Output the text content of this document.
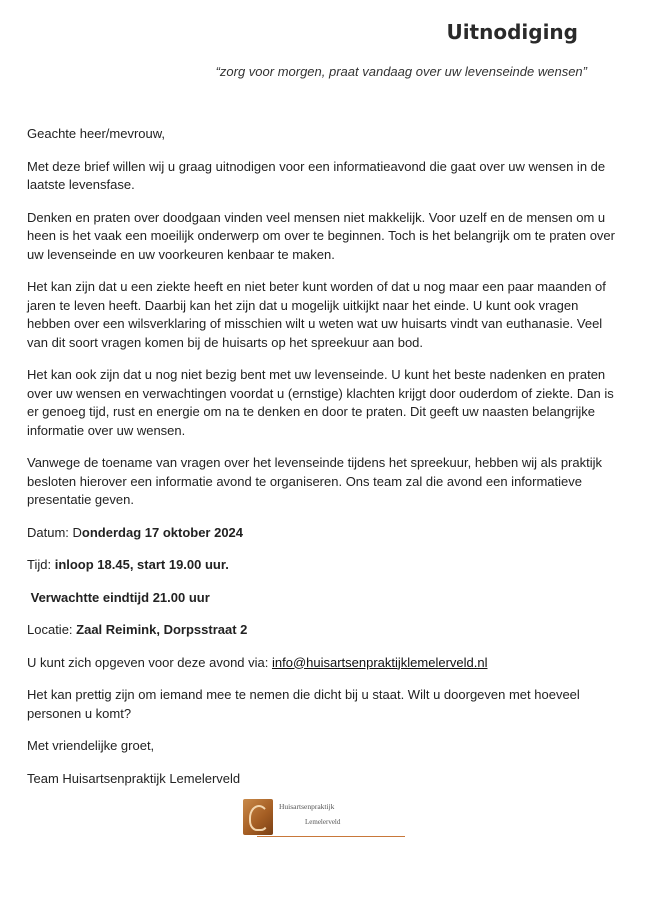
Uitnodiging

“zorg voor morgen, praat vandaag over uw levenseinde wensen”

Geachte heer/mevrouw,

Met deze brief willen wij u graag uitnodigen voor een informatieavond die gaat over uw wensen in de laatste levensfase.

Denken en praten over doodgaan vinden veel mensen niet makkelijk. Voor uzelf en de mensen om u heen is het vaak een moeilijk onderwerp om over te beginnen. Toch is het belangrijk om te praten over uw levenseinde en uw voorkeuren kenbaar te maken.

Het kan zijn dat u een ziekte heeft en niet beter kunt worden of dat u nog maar een paar maanden of jaren te leven heeft. Daarbij kan het zijn dat u mogelijk uitkijkt naar het einde. U kunt ook vragen hebben over een wilsverklaring of misschien wilt u weten wat uw huisarts vindt van euthanasie. Veel van dit soort vragen komen bij de huisarts op het spreekuur aan bod.

Het kan ook zijn dat u nog niet bezig bent met uw levenseinde. U kunt het beste nadenken en praten over uw wensen en verwachtingen voordat u (ernstige) klachten krijgt door ouderdom of ziekte. Dan is er genoeg tijd, rust en energie om na te denken en door te praten. Dit geeft uw naasten belangrijke informatie over uw wensen.

Vanwege de toename van vragen over het levenseinde tijdens het spreekuur, hebben wij als praktijk besloten hierover een informatie avond te organiseren. Ons team zal die avond een informatieve presentatie geven.

Datum: Donderdag 17 oktober 2024

Tijd: inloop 18.45, start 19.00 uur.

Verwachtte eindtijd 21.00 uur

Locatie: Zaal Reimink, Dorpsstraat 2

U kunt zich opgeven voor deze avond via: info@huisartsenpraktijklemelerveld.nl

Het kan prettig zijn om iemand mee te nemen die dicht bij u staat. Wilt u doorgeven met hoeveel personen u komt?

Met vriendelijke groet,

Team Huisartsenpraktijk Lemelerveld

Huisartsenpraktijk
Lemelerveld
